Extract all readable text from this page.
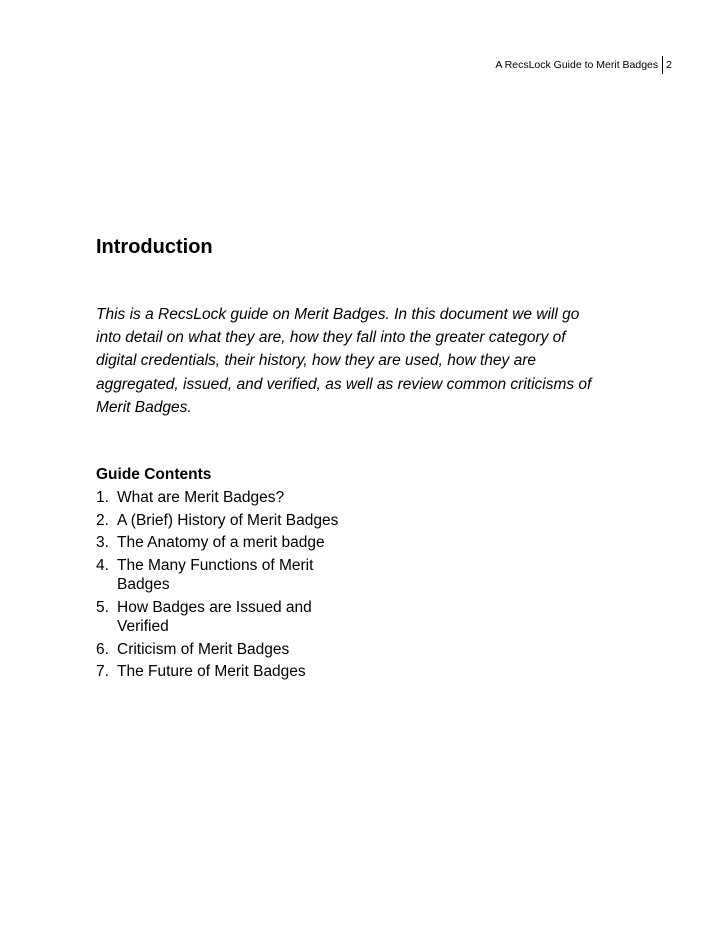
A RecsLock Guide to Merit Badges 2
Introduction

This is a RecsLock guide on Merit Badges. In this document we will go into detail on what they are, how they fall into the greater category of digital credentials, their history, how they are used, how they are aggregated, issued, and verified, as well as review common criticisms of Merit Badges.

Guide Contents
1. What are Merit Badges?
2. A (Brief) History of Merit Badges
3. The Anatomy of a merit badge
4. The Many Functions of Merit Badges
5. How Badges are Issued and Verified
6. Criticism of Merit Badges
7. The Future of Merit Badges
